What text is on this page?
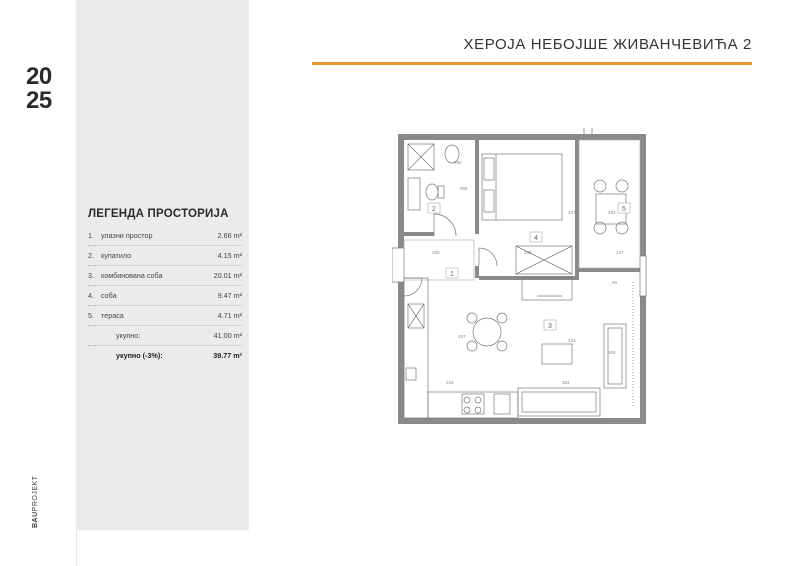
20
25
BAUPROJEKT
ЛЕГЕНДА ПРОСТОРИЈА
1. улазни простор	2.66 m²
2. купатило	4.15 m²
3. комбинована соба	20.01 m²
4. соба	9.47 m²
5. тераса	4.71 m²
укупно:	41.00 m²
укупно (-3%):	39.77 m²
ХЕРОЈА НЕБОЈШЕ ЖИВАНЧЕВИЋА 2
2
4
5
1
3
180
266
347	284
147
180	258
20
457
333
355
234	383
